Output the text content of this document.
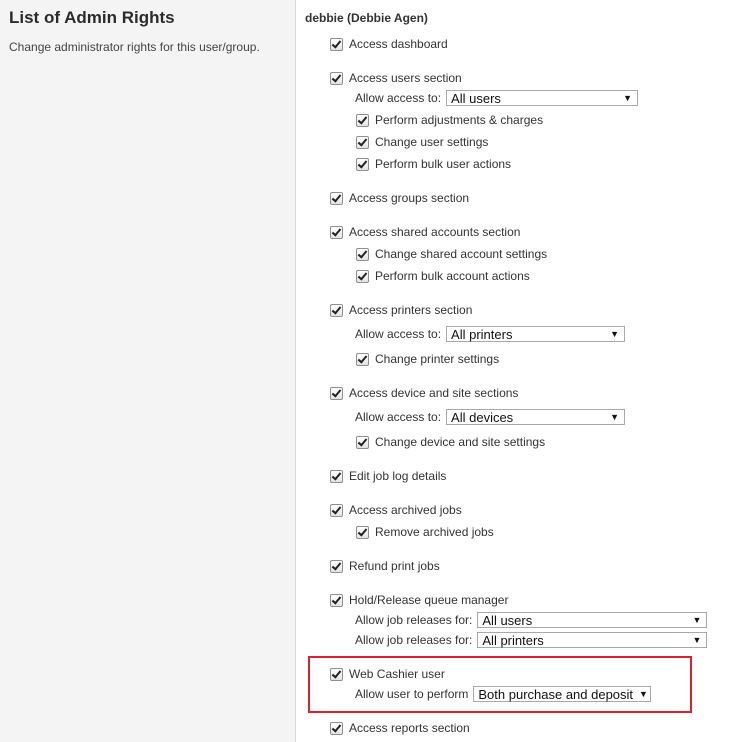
List of Admin Rights
Change administrator rights for this user/group.
debbie (Debbie Agen)
Access dashboard
Access users section
Allow access to: All users	▼
Perform adjustments & charges
Change user settings
Perform bulk user actions
Access groups section
Access shared accounts section
Change shared account settings
Perform bulk account actions
Access printers section
Allow access to: All printers	▼
Change printer settings
Access device and site sections
Allow access to: All devices	▼
Change device and site settings
Edit job log details
Access archived jobs
Remove archived jobs
Refund print jobs
Hold/Release queue manager
Allow job releases for: All users	▼
Allow job releases for: All printers	▼
Web Cashier user
Allow user to perform Both purchase and deposit ▼
Access reports section
